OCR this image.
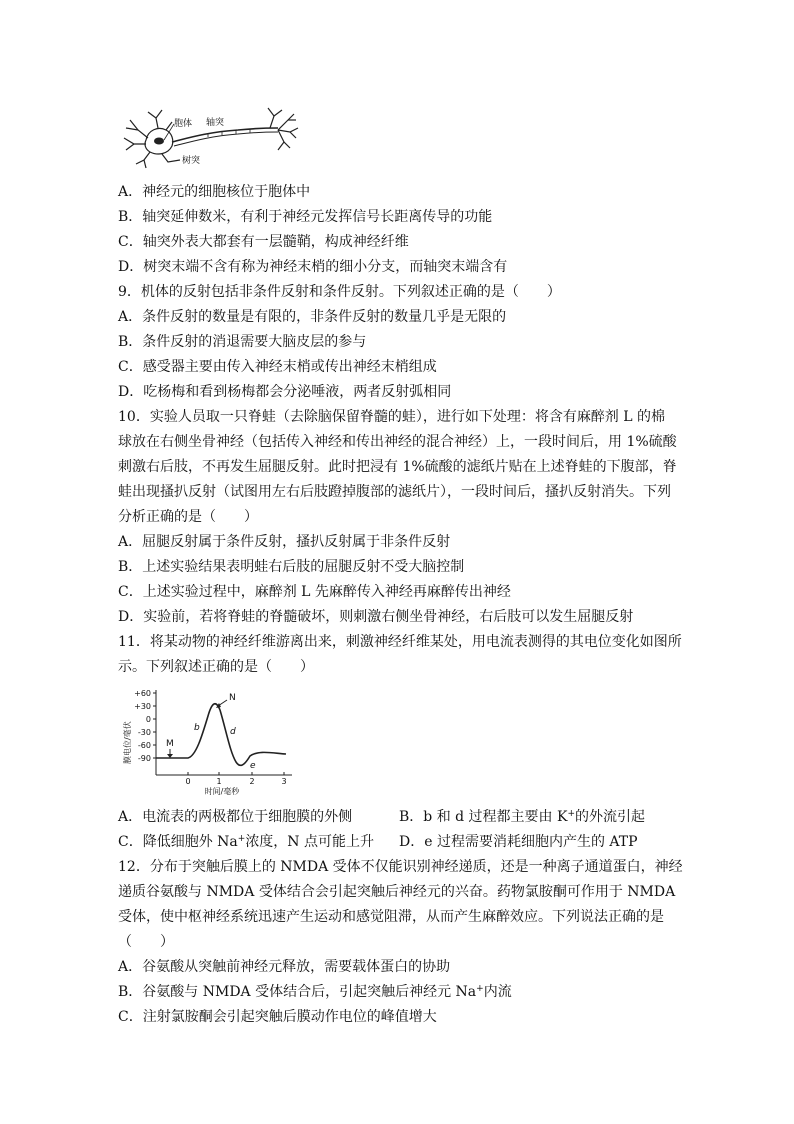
胞体 轴突
树突
A．神经元的细胞核位于胞体中
B．轴突延伸数米，有利于神经元发挥信号长距离传导的功能
C．轴突外表大都套有一层髓鞘，构成神经纤维
D．树突末端不含有称为神经末梢的细小分支，而轴突末端含有
9．机体的反射包括非条件反射和条件反射。下列叙述正确的是（　　）
A．条件反射的数量是有限的，非条件反射的数量几乎是无限的
B．条件反射的消退需要大脑皮层的参与
C．感受器主要由传入神经末梢或传出神经末梢组成
D．吃杨梅和看到杨梅都会分泌唾液，两者反射弧相同
10．实验人员取一只脊蛙（去除脑保留脊髓的蛙），进行如下处理：将含有麻醉剂 L 的棉
球放在右侧坐骨神经（包括传入神经和传出神经的混合神经）上，一段时间后，用 1%硫酸
刺激右后肢，不再发生屈腿反射。此时把浸有 1%硫酸的滤纸片贴在上述脊蛙的下腹部，脊
蛙出现搔扒反射（试图用左右后肢蹬掉腹部的滤纸片），一段时间后，搔扒反射消失。下列
分析正确的是（　　）
A．屈腿反射属于条件反射，搔扒反射属于非条件反射
B．上述实验结果表明蛙右后肢的屈腿反射不受大脑控制
C．上述实验过程中，麻醉剂 L 先麻醉传入神经再麻醉传出神经
D．实验前，若将脊蛙的脊髓破坏，则刺激右侧坐骨神经，右后肢可以发生屈腿反射
11．将某动物的神经纤维游离出来，刺激神经纤维某处，用电流表测得的其电位变化如图所
示。下列叙述正确的是（　　）
+60
+30
0
-30
-60
-90
0	1	2	3
时间/毫秒
膜电位/毫伏	M
N
b	d
e
A．电流表的两极都位于细胞膜的外侧	B．b 和 d 过程都主要由 K+的外流引起
C．降低细胞外 Na+浓度，N 点可能上升 D．e 过程需要消耗细胞内产生的 ATP
12．分布于突触后膜上的 NMDA 受体不仅能识别神经递质，还是一种离子通道蛋白，神经
递质谷氨酸与 NMDA 受体结合会引起突触后神经元的兴奋。药物氯胺酮可作用于 NMDA
受体，使中枢神经系统迅速产生运动和感觉阻滞，从而产生麻醉效应。下列说法正确的是
（　　）
A．谷氨酸从突触前神经元释放，需要载体蛋白的协助
B．谷氨酸与 NMDA 受体结合后，引起突触后神经元 Na+内流
C．注射氯胺酮会引起突触后膜动作电位的峰值增大
